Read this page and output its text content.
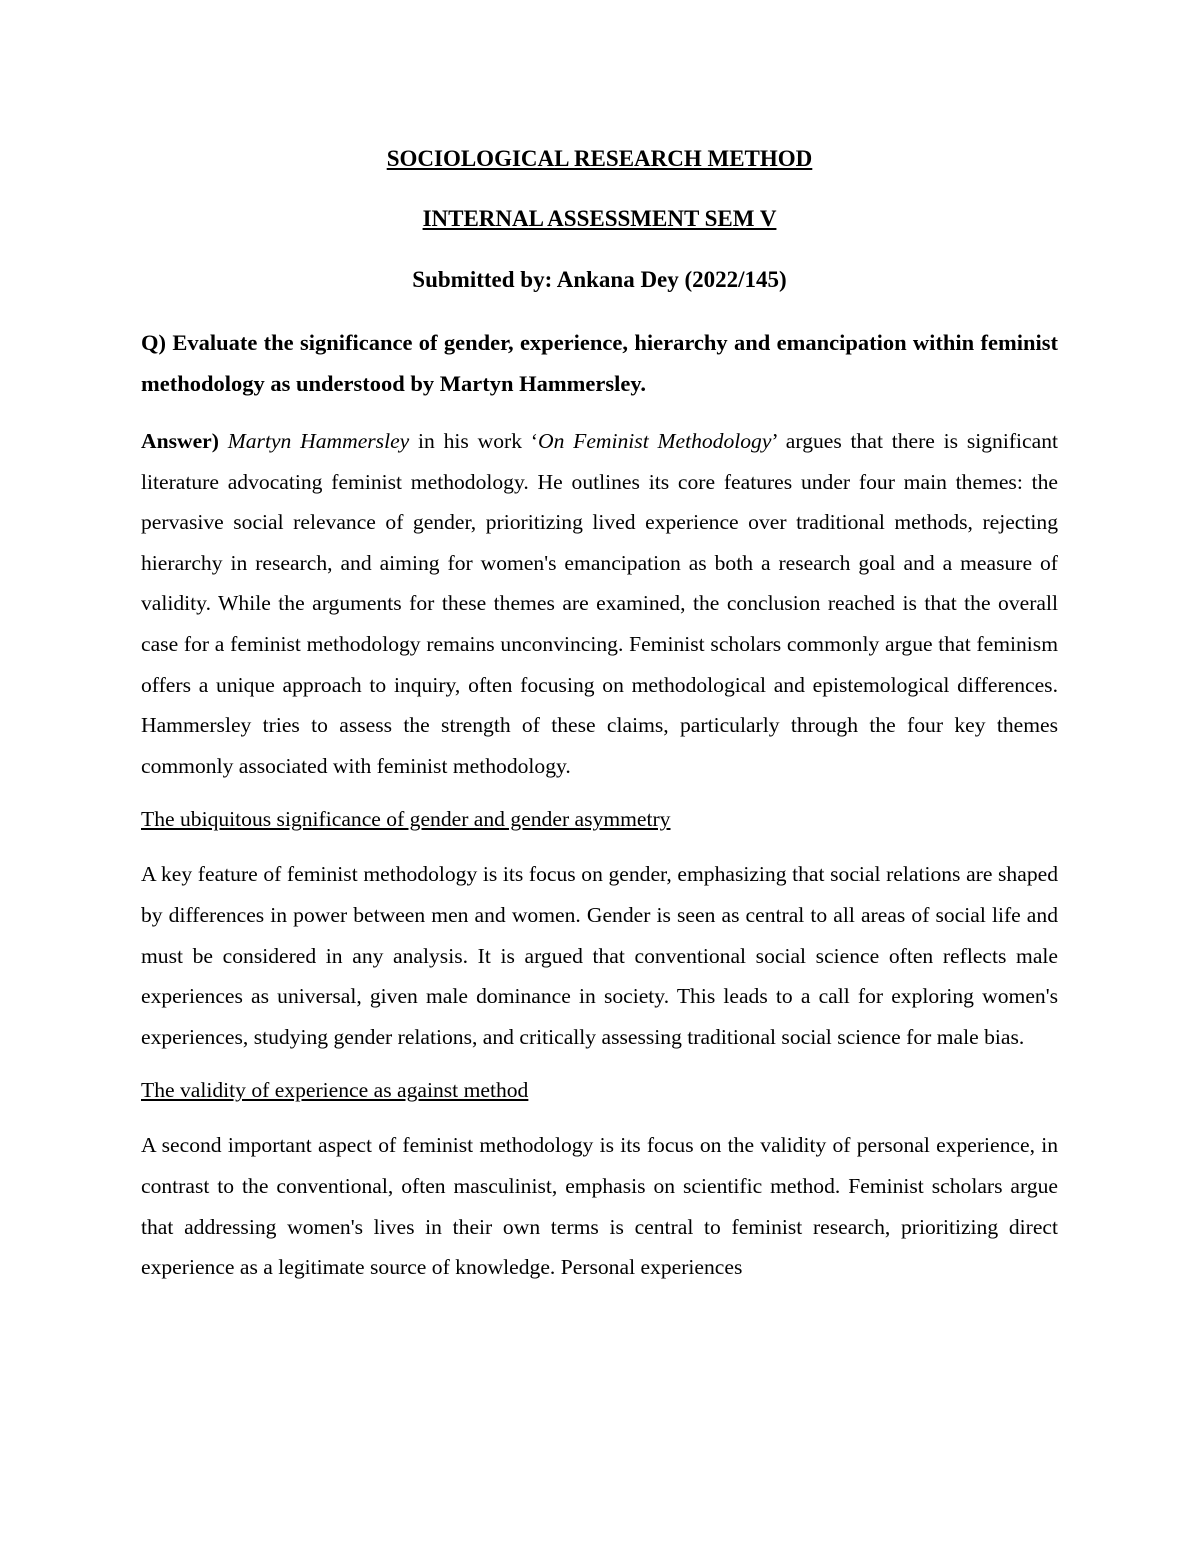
SOCIOLOGICAL RESEARCH METHOD

INTERNAL ASSESSMENT SEM V

Submitted by: Ankana Dey (2022/145)

Q) Evaluate the significance of gender, experience, hierarchy and emancipation within feminist methodology as understood by Martyn Hammersley.

Answer) Martyn Hammersley in his work ‘On Feminist Methodology’ argues that there is significant literature advocating feminist methodology. He outlines its core features under four main themes: the pervasive social relevance of gender, prioritizing lived experience over traditional methods, rejecting hierarchy in research, and aiming for women's emancipation as both a research goal and a measure of validity. While the arguments for these themes are examined, the conclusion reached is that the overall case for a feminist methodology remains unconvincing. Feminist scholars commonly argue that feminism offers a unique approach to inquiry, often focusing on methodological and epistemological differences. Hammersley tries to assess the strength of these claims, particularly through the four key themes commonly associated with feminist methodology.

The ubiquitous significance of gender and gender asymmetry

A key feature of feminist methodology is its focus on gender, emphasizing that social relations are shaped by differences in power between men and women. Gender is seen as central to all areas of social life and must be considered in any analysis. It is argued that conventional social science often reflects male experiences as universal, given male dominance in society. This leads to a call for exploring women's experiences, studying gender relations, and critically assessing traditional social science for male bias.

The validity of experience as against method

A second important aspect of feminist methodology is its focus on the validity of personal experience, in contrast to the conventional, often masculinist, emphasis on scientific method. Feminist scholars argue that addressing women's lives in their own terms is central to feminist research, prioritizing direct experience as a legitimate source of knowledge. Personal experiences
